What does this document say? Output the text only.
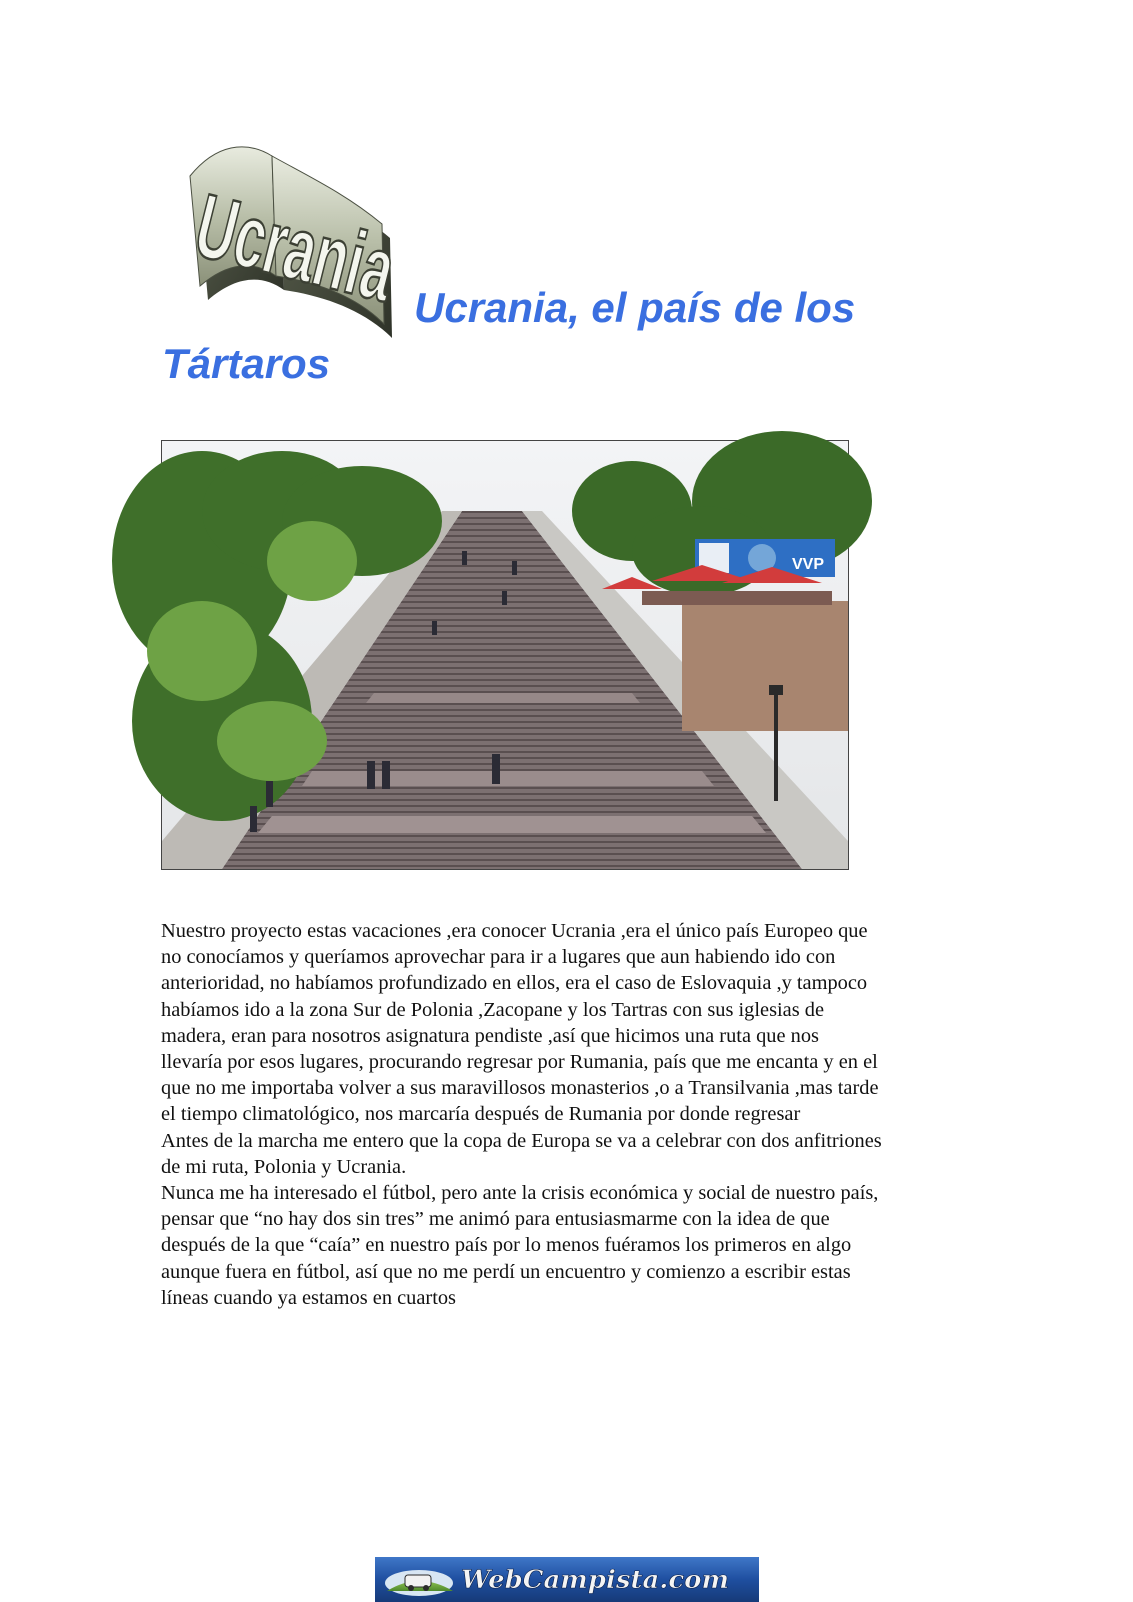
Ucrania
Ucrania, el país de los Tártaros
VVP

Nuestro proyecto estas vacaciones ,era conocer Ucrania ,era el único país Europeo que

no conocíamos y queríamos aprovechar para ir a lugares que aun habiendo ido con

anterioridad, no habíamos profundizado en ellos, era el caso de Eslovaquia ,y tampoco

habíamos ido a la zona Sur de Polonia ,Zacopane y los Tartras con sus iglesias de

madera, eran para nosotros asignatura pendiste ,así que hicimos una ruta que nos

llevaría por esos lugares, procurando regresar por Rumania, país que me encanta y en el

que no me importaba volver a sus maravillosos monasterios ,o a Transilvania ,mas tarde

el tiempo climatológico, nos marcaría después de Rumania por donde regresar

Antes de la marcha me entero que la copa de Europa se va a celebrar con dos anfitriones

de mi ruta, Polonia y Ucrania.

Nunca me ha interesado el fútbol, pero ante la crisis económica y social de nuestro país,

pensar que “no hay dos sin tres” me animó para entusiasmarme con la idea de que

después de la que “caía” en nuestro país por lo menos fuéramos los primeros en algo

aunque fuera en fútbol, así que no me perdí un encuentro y comienzo a escribir estas

líneas cuando ya estamos en cuartos

WebCampista.com
